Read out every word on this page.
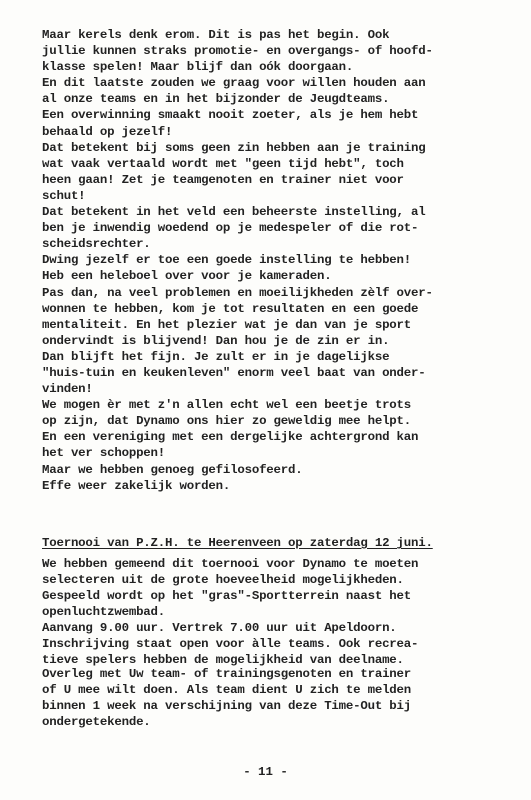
Maar kerels denk erom. Dit is pas het begin. Ook
jullie kunnen straks promotie- en overgangs- of hoofd-
klasse spelen! Maar blijf dan oók doorgaan.
En dit laatste zouden we graag voor willen houden aan
al onze teams en in het bijzonder de Jeugdteams.
Een overwinning smaakt nooit zoeter, als je hem hebt
behaald op jezelf!
Dat betekent bij soms geen zin hebben aan je training
wat vaak vertaald wordt met "geen tijd hebt", toch
heen gaan! Zet je teamgenoten en trainer niet voor
schut!
Dat betekent in het veld een beheerste instelling, al
ben je inwendig woedend op je medespeler of die rot-
scheidsrechter.
Dwing jezelf er toe een goede instelling te hebben!
Heb een heleboel over voor je kameraden.
Pas dan, na veel problemen en moeilijkheden zèlf over-
wonnen te hebben, kom je tot resultaten en een goede
mentaliteit. En het plezier wat je dan van je sport
ondervindt is blijvend! Dan hou je de zin er in.
Dan blijft het fijn. Je zult er in je dagelijkse
"huis-tuin en keukenleven" enorm veel baat van onder-
vinden!
We mogen èr met z'n allen echt wel een beetje trots
op zijn, dat Dynamo ons hier zo geweldig mee helpt.
En een vereniging met een dergelijke achtergrond kan
het ver schoppen!
Maar we hebben genoeg gefilosofeerd.
Effe weer zakelijk worden.
Toernooi van P.Z.H. te Heerenveen op zaterdag 12 juni.
We hebben gemeend dit toernooi voor Dynamo te moeten
selecteren uit de grote hoeveelheid mogelijkheden.
Gespeeld wordt op het "gras"-Sportterrein naast het
openluchtzwembad.
Aanvang 9.00 uur. Vertrek 7.00 uur uit Apeldoorn.
Inschrijving staat open voor àlle teams. Ook recrea-
tieve spelers hebben de mogelijkheid van deelname.
Overleg met Uw team- of trainingsgenoten en trainer
of U mee wilt doen. Als team dient U zich te melden
binnen 1 week na verschijning van deze Time-Out bij
ondergetekende.
- 11 -
